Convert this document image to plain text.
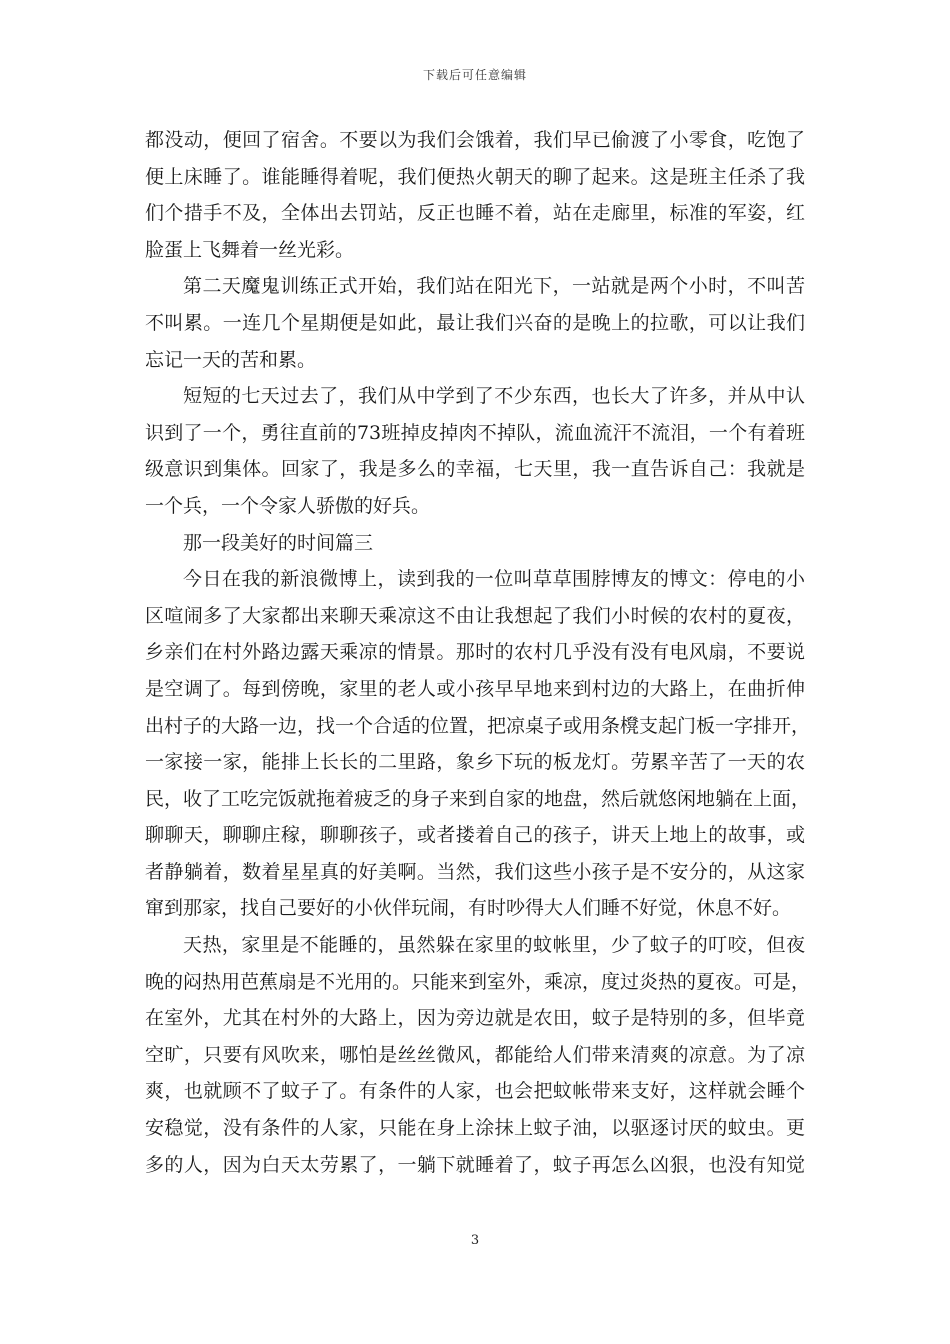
下载后可任意编辑

都没动，便回了宿舍。不要以为我们会饿着，我们早已偷渡了小零食，吃饱了
便上床睡了。谁能睡得着呢，我们便热火朝天的聊了起来。这是班主任杀了我
们个措手不及，全体出去罚站，反正也睡不着，站在走廊里，标准的军姿，红
脸蛋上飞舞着一丝光彩。

第二天魔鬼训练正式开始，我们站在阳光下，一站就是两个小时，不叫苦
不叫累。一连几个星期便是如此，最让我们兴奋的是晚上的拉歌，可以让我们
忘记一天的苦和累。

短短的七天过去了，我们从中学到了不少东西，也长大了许多，并从中认
识到了一个，勇往直前的73班掉皮掉肉不掉队，流血流汗不流泪，一个有着班
级意识到集体。回家了，我是多么的幸福，七天里，我一直告诉自己：我就是
一个兵，一个令家人骄傲的好兵。

那一段美好的时间篇三

今日在我的新浪微博上，读到我的一位叫草草围脖博友的博文：停电的小
区喧闹多了大家都出来聊天乘凉这不由让我想起了我们小时候的农村的夏夜，
乡亲们在村外路边露天乘凉的情景。那时的农村几乎没有没有电风扇，不要说
是空调了。每到傍晚，家里的老人或小孩早早地来到村边的大路上，在曲折伸
出村子的大路一边，找一个合适的位置，把凉桌子或用条櫈支起门板一字排开，
一家接一家，能排上长长的二里路，象乡下玩的板龙灯。劳累辛苦了一天的农
民，收了工吃完饭就拖着疲乏的身子来到自家的地盘，然后就悠闲地躺在上面，
聊聊天，聊聊庄稼，聊聊孩子，或者搂着自己的孩子，讲天上地上的故事，或
者静躺着，数着星星真的好美啊。当然，我们这些小孩子是不安分的，从这家
窜到那家，找自己要好的小伙伴玩闹，有时吵得大人们睡不好觉，休息不好。

天热，家里是不能睡的，虽然躲在家里的蚊帐里，少了蚊子的叮咬，但夜
晚的闷热用芭蕉扇是不光用的。只能来到室外，乘凉，度过炎热的夏夜。可是，
在室外，尤其在村外的大路上，因为旁边就是农田，蚊子是特别的多，但毕竟
空旷，只要有风吹来，哪怕是丝丝微风，都能给人们带来清爽的凉意。为了凉
爽，也就顾不了蚊子了。有条件的人家，也会把蚊帐带来支好，这样就会睡个
安稳觉，没有条件的人家，只能在身上涂抹上蚊子油，以驱逐讨厌的蚊虫。更
多的人，因为白天太劳累了，一躺下就睡着了，蚊子再怎么凶狠，也没有知觉

3
